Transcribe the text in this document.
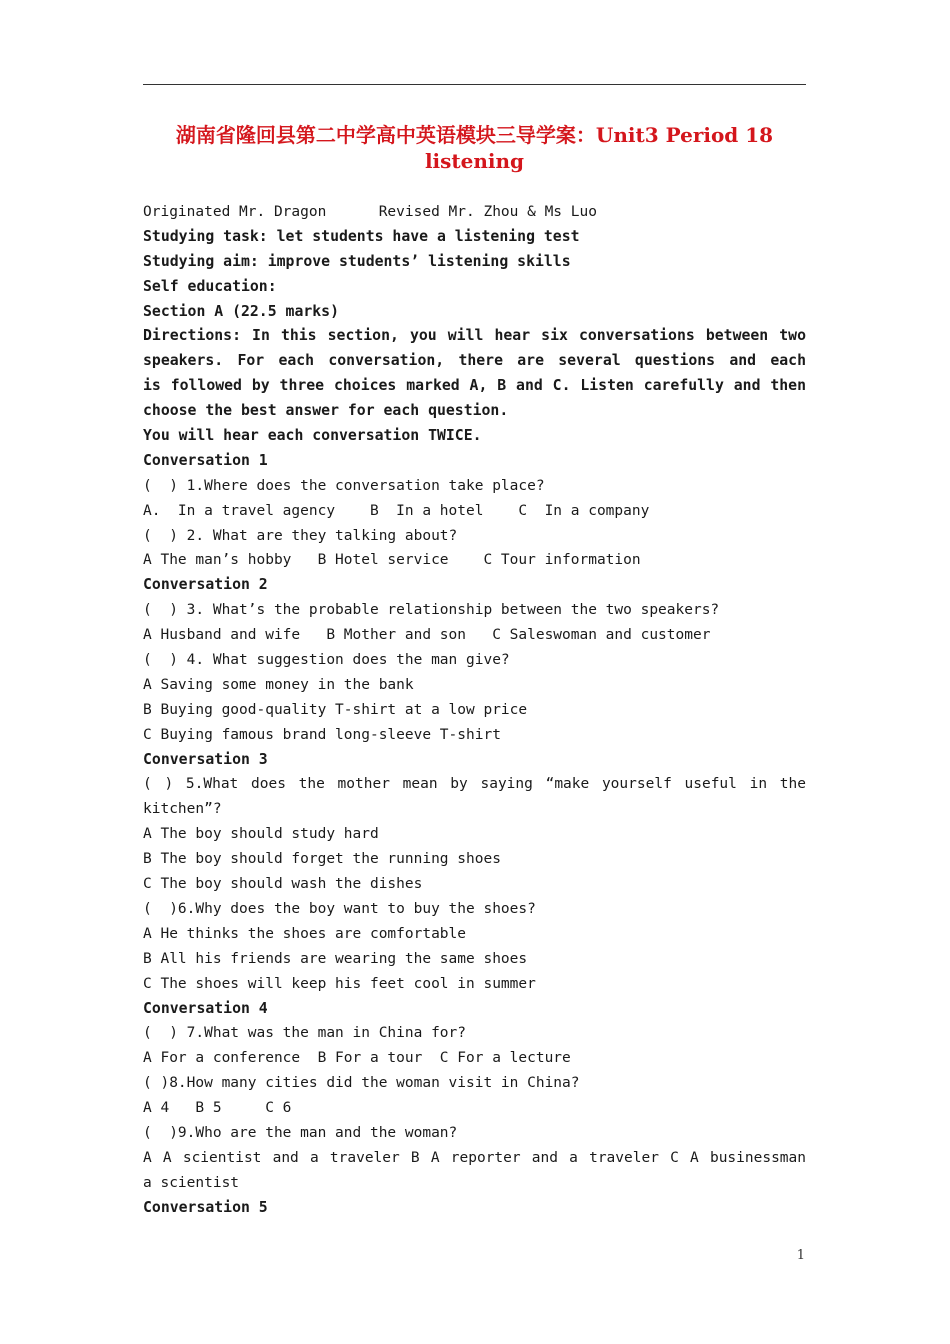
湖南省隆回县第二中学高中英语模块三导学案：Unit3 Period 18 listening
Originated Mr. Dragon      Revised Mr. Zhou & Ms Luo
Studying task: let students have a listening test
Studying aim: improve students’ listening skills
Self education:
Section A (22.5 marks)
Directions: In this section, you will hear six conversations between two
speakers. For each conversation, there are several questions and each
is followed by three choices marked A, B and C. Listen carefully and then
choose the best answer for each question.
You will hear each conversation TWICE.
Conversation 1
(  ) 1.Where does the conversation take place?
A.  In a travel agency    B  In a hotel    C  In a company
(  ) 2. What are they talking about?
A The man’s hobby   B Hotel service    C Tour information
Conversation 2
(  ) 3. What’s the probable relationship between the two speakers?
A Husband and wife   B Mother and son   C Saleswoman and customer
(  ) 4. What suggestion does the man give?
A Saving some money in the bank
B Buying good-quality T-shirt at a low price
C Buying famous brand long-sleeve T-shirt
Conversation 3
( ) 5.What does the mother mean by saying “make yourself useful in the
kitchen”?
A The boy should study hard
B The boy should forget the running shoes
C The boy should wash the dishes
(  )6.Why does the boy want to buy the shoes?
A He thinks the shoes are comfortable
B All his friends are wearing the same shoes
C The shoes will keep his feet cool in summer
Conversation 4
(  ) 7.What was the man in China for?
A For a conference  B For a tour  C For a lecture
( )8.How many cities did the woman visit in China?
A 4   B 5     C 6
(  )9.Who are the man and the woman?
A A scientist and a traveler B A reporter and a traveler C A businessman
a scientist
Conversation 5
1
